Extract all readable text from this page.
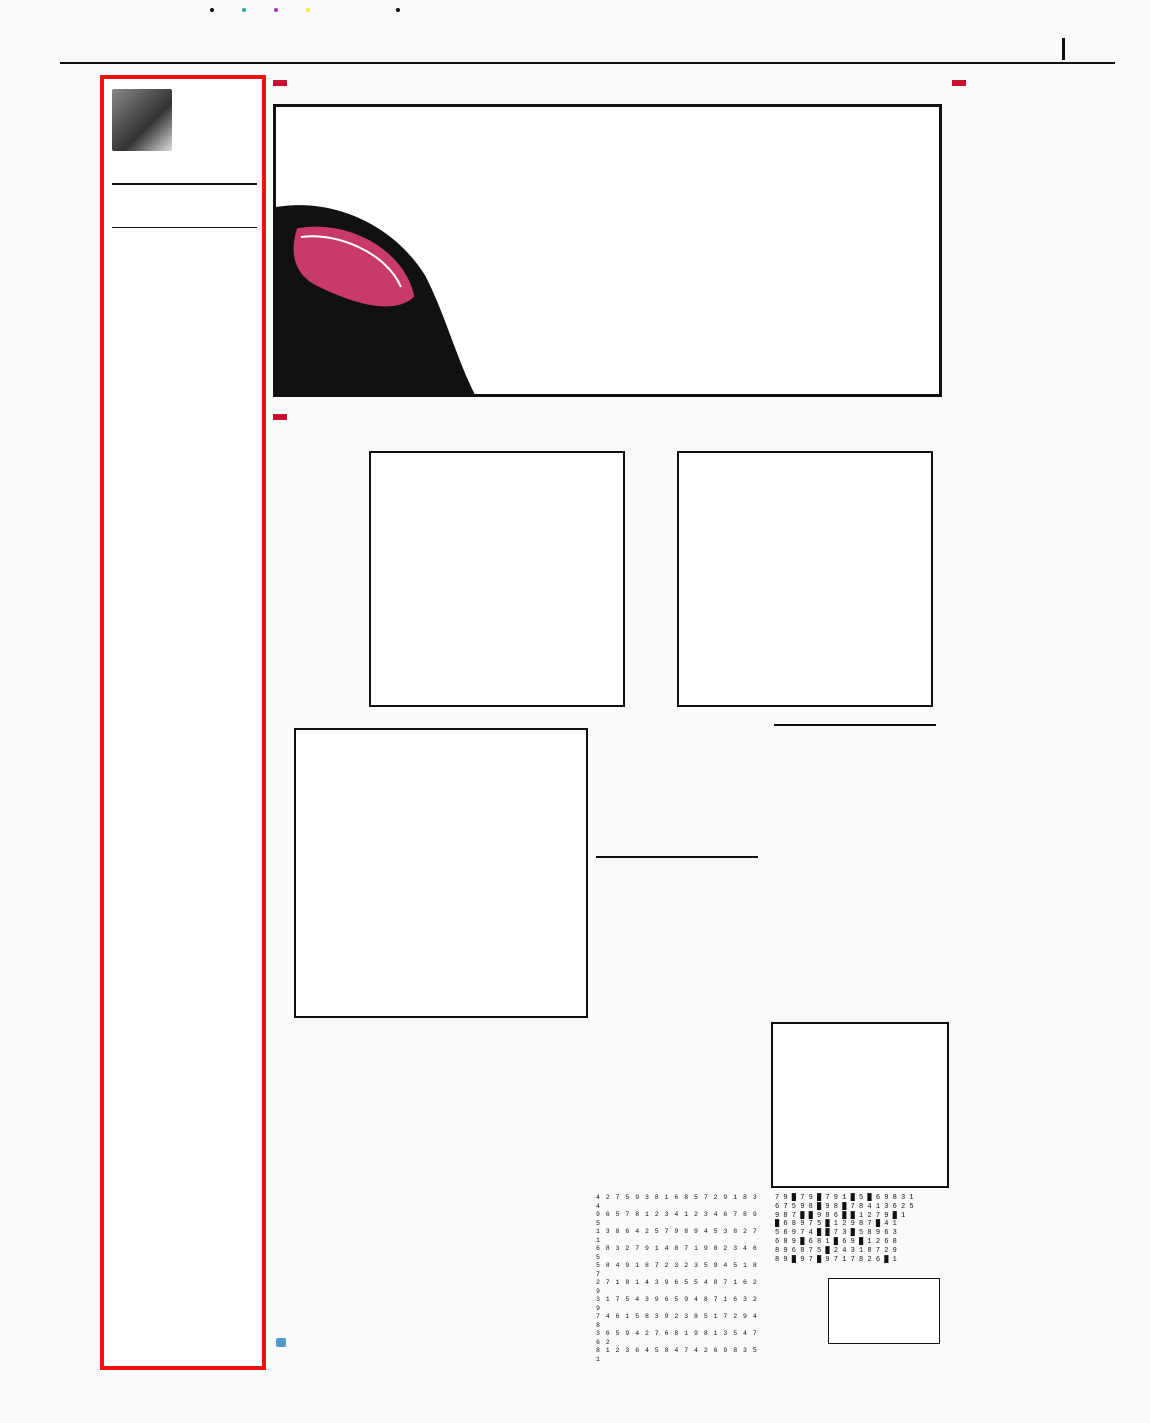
4 2 7 5 9 3 8 1 6 8 5 7 2 9 1 8 3 4
9 6 5 7 8 1 2 3 4 1 2 3 4 6 7 8 9 5
1 3 8 6 4 2 5 7 9 8 9 4 5 3 8 2 7 1
6 8 3 2 7 9 1 4 8 7 1 9 8 2 3 4 6 5
5 8 4 9 1 8 7 2 3 2 3 5 9 4 5 1 8 7
2 7 1 8 1 4 3 9 6 5 5 4 8 7 1 6 2 9
3 1 7 5 4 3 9 6 5 9 4 8 7 1 6 3 2 9
7 4 6 1 5 8 3 9 2 3 8 5 1 7 2 9 4 8
3 6 5 9 4 2 7 6 8 1 9 8 1 3 5 4 7 6 2
8 1 2 3 6 4 5 8 4 7 4 2 6 9 8 3 5 1
7 9 █ 7 9 █ 7 9 1 █ 5 █ 6 9 8 3 1
6 7 5 9 8 █ 9 8 █ 7 8 4 1 3 6 2 5
9 8 7 █ █ 9 8 6 █ █ 1 2 7 9 █ 1
█ 6 8 9 7 5 █ 1 2 9 8 7 █ 4 1
5 6 9 7 4 █ █ 7 3 █ 5 8 9 6 3
6 8 9 █ 6 8 1 █ 6 9 █ 1 2 6 8
8 9 6 8 7 5 █ 2 4 3 1 8 7 2 9
8 9 █ 9 7 █ 9 7 1 7 8 2 6 █ 1
